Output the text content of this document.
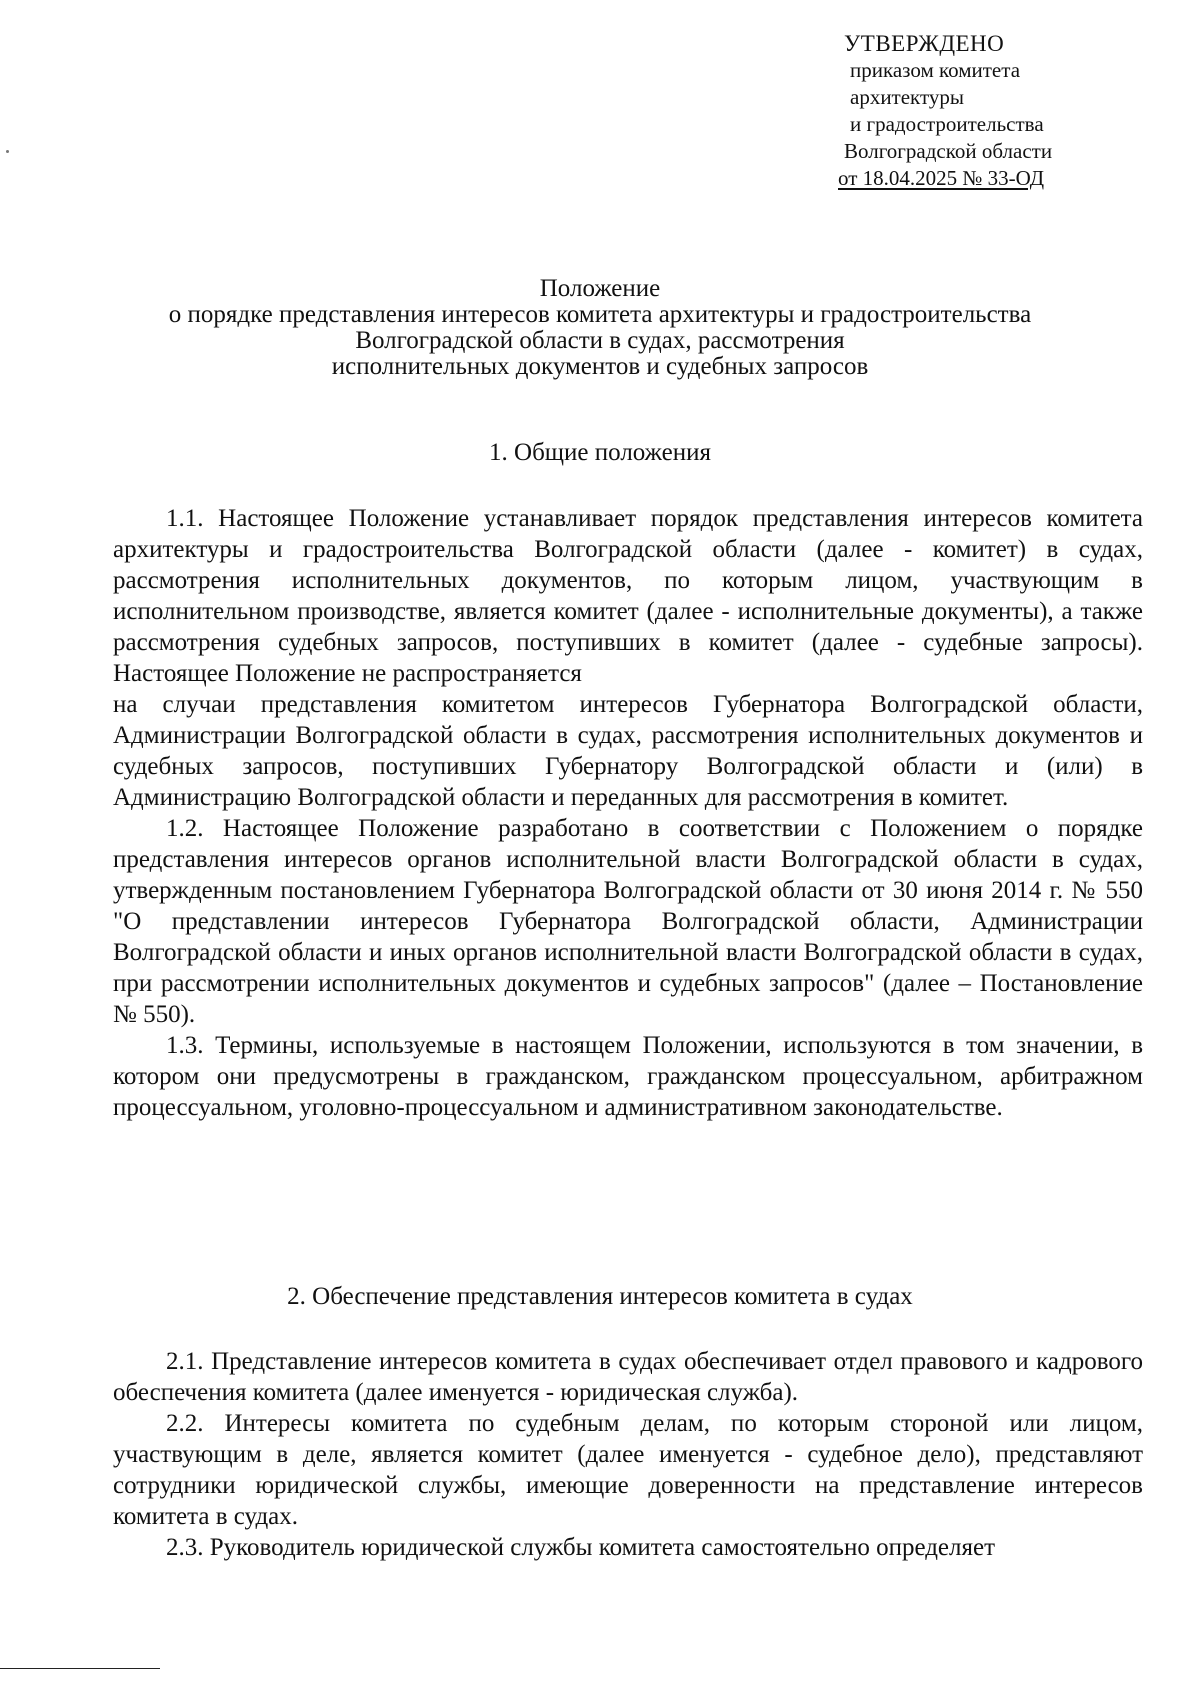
УТВЕРЖДЕНО
приказом комитета
архитектуры
и градостроительства
Волгоградской области
от 18.04.2025 № 33-ОД
Положение
о порядке представления интересов комитета архитектуры и градостроительства
Волгоградской области в судах, рассмотрения
исполнительных документов и судебных запросов
1. Общие положения

1.1. Настоящее Положение устанавливает порядок представления интересов комитета архитектуры и градостроительства Волгоградской области (далее - комитет) в судах, рассмотрения исполнительных документов, по которым лицом, участвующим в исполнительном производстве, является комитет (далее - исполнительные документы), а также рассмотрения судебных запросов, поступивших в комитет (далее - судебные запросы). Настоящее Положение не распространяется

на случаи представления комитетом интересов Губернатора Волгоградской области, Администрации Волгоградской области в судах, рассмотрения исполнительных документов и судебных запросов, поступивших Губернатору Волгоградской области и (или) в Администрацию Волгоградской области и переданных для рассмотрения в комитет.

1.2. Настоящее Положение разработано в соответствии с Положением о порядке представления интересов органов исполнительной власти Волгоградской области в судах, утвержденным постановлением Губернатора Волгоградской области от 30 июня 2014 г. № 550 "О представлении интересов Губернатора Волгоградской области, Администрации Волгоградской области и иных органов исполнительной власти Волгоградской области в судах, при рассмотрении исполнительных документов и судебных запросов" (далее – Постановление № 550).

1.3. Термины, используемые в настоящем Положении, используются в том значении, в котором они предусмотрены в гражданском, гражданском процессуальном, арбитражном процессуальном, уголовно-процессуальном и административном законодательстве.

2. Обеспечение представления интересов комитета в судах

2.1. Представление интересов комитета в судах обеспечивает отдел правового и кадрового обеспечения комитета (далее именуется - юридическая служба).

2.2. Интересы комитета по судебным делам, по которым стороной или лицом, участвующим в деле, является комитет (далее именуется - судебное дело), представляют сотрудники юридической службы, имеющие доверенности на представление интересов комитета в судах.

2.3. Руководитель юридической службы комитета самостоятельно определяет
